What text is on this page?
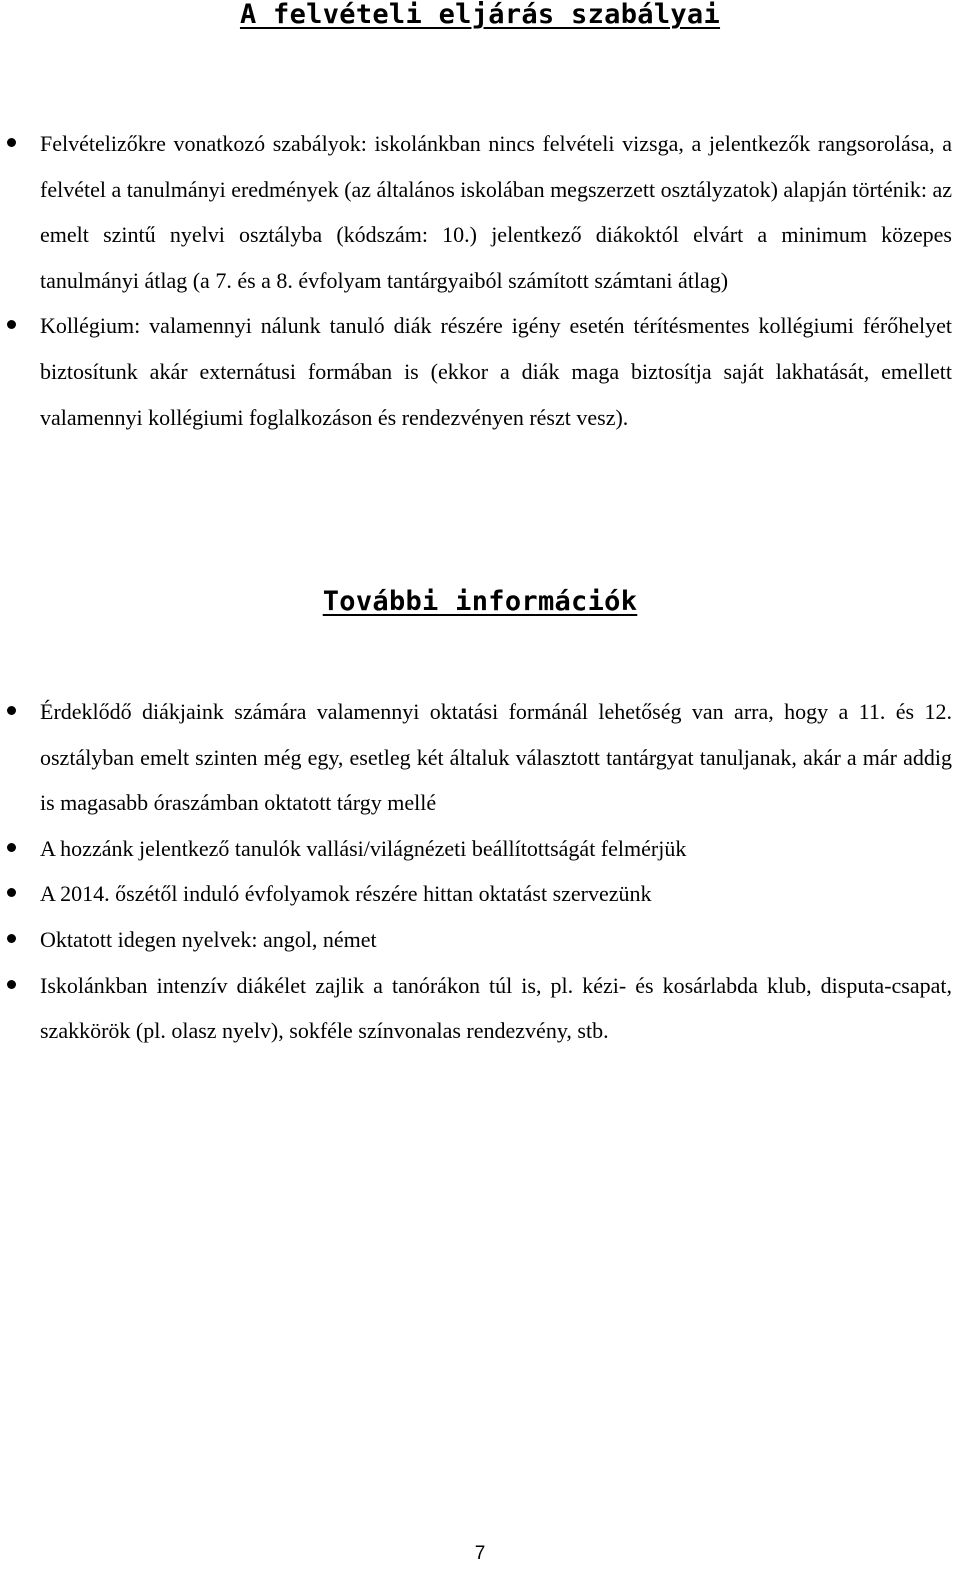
A felvételi eljárás szabályai
Felvételizőkre vonatkozó szabályok: iskolánkban nincs felvételi vizsga, a jelentkezők rangsorolása, a felvétel a tanulmányi eredmények (az általános iskolában megszerzett osztályzatok) alapján történik: az emelt szintű nyelvi osztályba (kódszám: 10.) jelentkező diákoktól elvárt a minimum közepes tanulmányi átlag (a 7. és a 8. évfolyam tantárgyaiból számított számtani átlag)
Kollégium: valamennyi nálunk tanuló diák részére igény esetén térítésmentes kollégiumi férőhelyet biztosítunk akár externátusi formában is (ekkor a diák maga biztosítja saját lakhatását, emellett valamennyi kollégiumi foglalkozáson és rendezvényen részt vesz).
További információk
Érdeklődő diákjaink számára valamennyi oktatási formánál lehetőség van arra, hogy a 11. és 12. osztályban emelt szinten még egy, esetleg két általuk választott tantárgyat tanuljanak, akár a már addig is magasabb óraszámban oktatott tárgy mellé
A hozzánk jelentkező tanulók vallási/világnézeti beállítottságát felmérjük
A 2014. őszétől induló évfolyamok részére hittan oktatást szervezünk
Oktatott idegen nyelvek: angol, német
Iskolánkban intenzív diákélet zajlik a tanórákon túl is, pl. kézi- és kosárlabda klub, disputa-csapat, szakkörök (pl. olasz nyelv), sokféle színvonalas rendezvény, stb.
7
